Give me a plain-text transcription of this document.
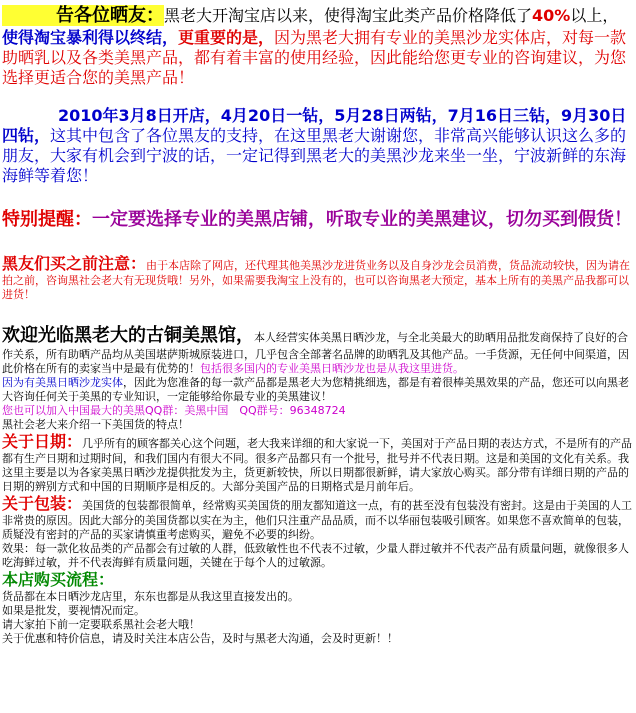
告各位晒友：黑老大开淘宝店以来，使得淘宝此类产品价格降低了40%以上，
使得淘宝暴利得以终结，更重要的是，因为黑老大拥有专业的美黑沙龙实体店，对每一款助晒乳以及各类美黑产品，都有着丰富的使用经验，因此能给您更专业的咨询建议，为您选择更适合您的美黑产品！

2010年3月8日开店，4月20日一钻，5月28日两钻，7月16日三钻，9月30日四钻，这其中包含了各位黑友的支持，在这里黑老大谢谢您，非常高兴能够认识这么多的朋友，大家有机会到宁波的话，一定记得到黑老大的美黑沙龙来坐一坐，宁波新鲜的东海海鲜等着您！

特别提醒：一定要选择专业的美黑店铺，听取专业的美黑建议，切勿买到假货！

黑友们买之前注意：由于本店除了网店，还代理其他美黑沙龙进货业务以及自身沙龙会员消费，货品流动较快，因为请在拍之前，咨询黑社会老大有无现货哦！另外，如果需要我淘宝上没有的，也可以咨询黑老大预定，基本上所有的美黑产品我都可以进货！

欢迎光临黑老大的古铜美黑馆，本人经营实体美黑日晒沙龙，与全北美最大的助晒用品批发商保持了良好的合作关系，所有助晒产品均从美国堪萨斯城原装进口，几乎包含全部著名品牌的助晒乳及其他产品。一手货源，无任何中间渠道，因此价格在所有的卖家当中是最有优势的！包括很多国内的专业美黑日晒沙龙也是从我这里进货。
因为有美黑日晒沙龙实体，因此为您准备的每一款产品都是黑老大为您精挑细选，都是有着很棒美黑效果的产品，您还可以向黑老大咨询任何关于美黑的专业知识，一定能够给你最专业的美黑建议！
您也可以加入中国最大的美黑QQ群：美黑中国　QQ群号：96348724
黑社会老大来介绍一下美国货的特点！

关于日期：几乎所有的顾客都关心这个问题，老大我来详细的和大家说一下，美国对于产品日期的表达方式，不是所有的产品都有生产日期和过期时间，和我们国内有很大不同。很多产品都只有一个批号，批号并不代表日期。这是和美国的文化有关系。我这里主要是以为各家美黑日晒沙龙提供批发为主，货更新较快，所以日期都很新鲜，请大家放心购买。部分带有详细日期的产品的日期的辨别方式和中国的日期顺序是相反的。大部分美国产品的日期格式是月前年后。

关于包装：美国货的包装都很简单，经常购买美国货的朋友都知道这一点，有的甚至没有包装没有密封。这是由于美国的人工非常贵的原因。因此大部分的美国货都以实在为主，他们只注重产品品质，而不以华丽包装吸引顾客。如果您不喜欢简单的包装，质疑没有密封的产品的买家请慎重考虑购买，避免不必要的纠纷。
效果：每一款化妆品类的产品都会有过敏的人群，低致敏性也不代表不过敏，少量人群过敏并不代表产品有质量问题，就像很多人吃海鲜过敏，并不代表海鲜有质量问题，关键在于每个人的过敏源。

本店购买流程：
货品都在本日晒沙龙店里，东东也都是从我这里直接发出的。
如果是批发，要视情况而定。
请大家拍下前一定要联系黑社会老大哦！
关于优惠和特价信息，请及时关注本店公告，及时与黑老大沟通，会及时更新！！
